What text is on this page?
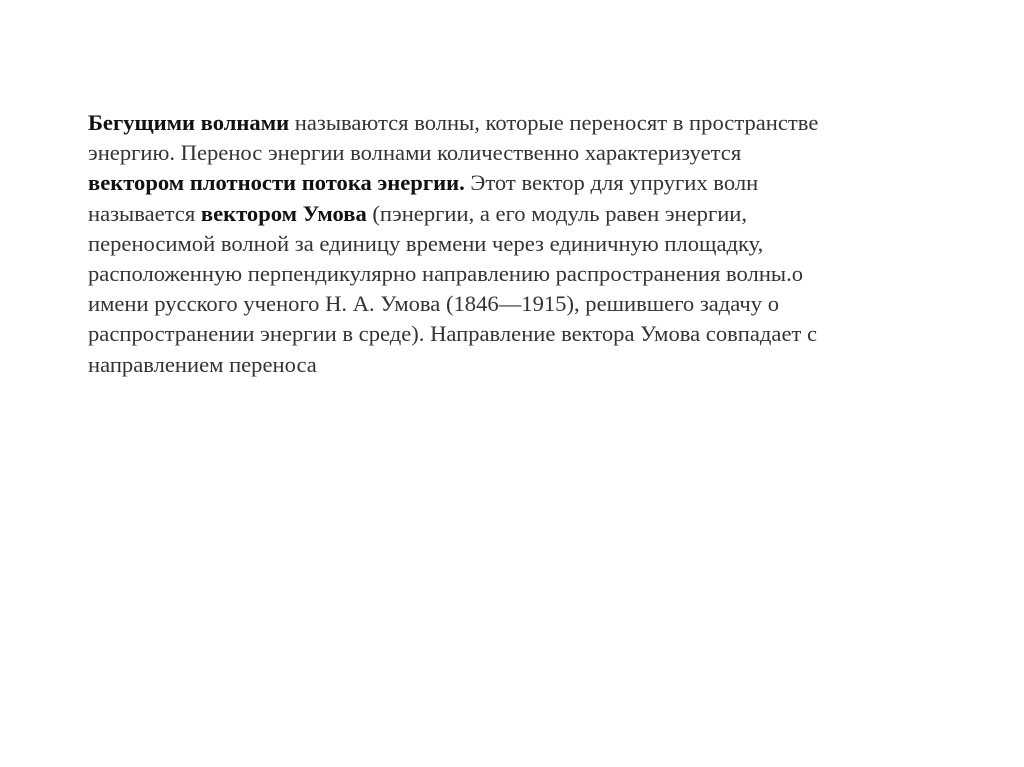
Бегущими волнами называются волны, которые переносят в пространстве
энергию. Перенос энергии волнами количественно характеризуется
вектором плотности потока энергии. Этот вектор для упругих волн
называется вектором Умова (пэнергии, а его модуль равен энергии,
переносимой волной за единицу времени через единичную площадку,
расположенную перпендикулярно направлению распространения волны.о
имени русского ученого Н. А. Умова (1846—1915), решившего задачу о
распространении энергии в среде). Направление вектора Умова совпадает с
направлением переноса
